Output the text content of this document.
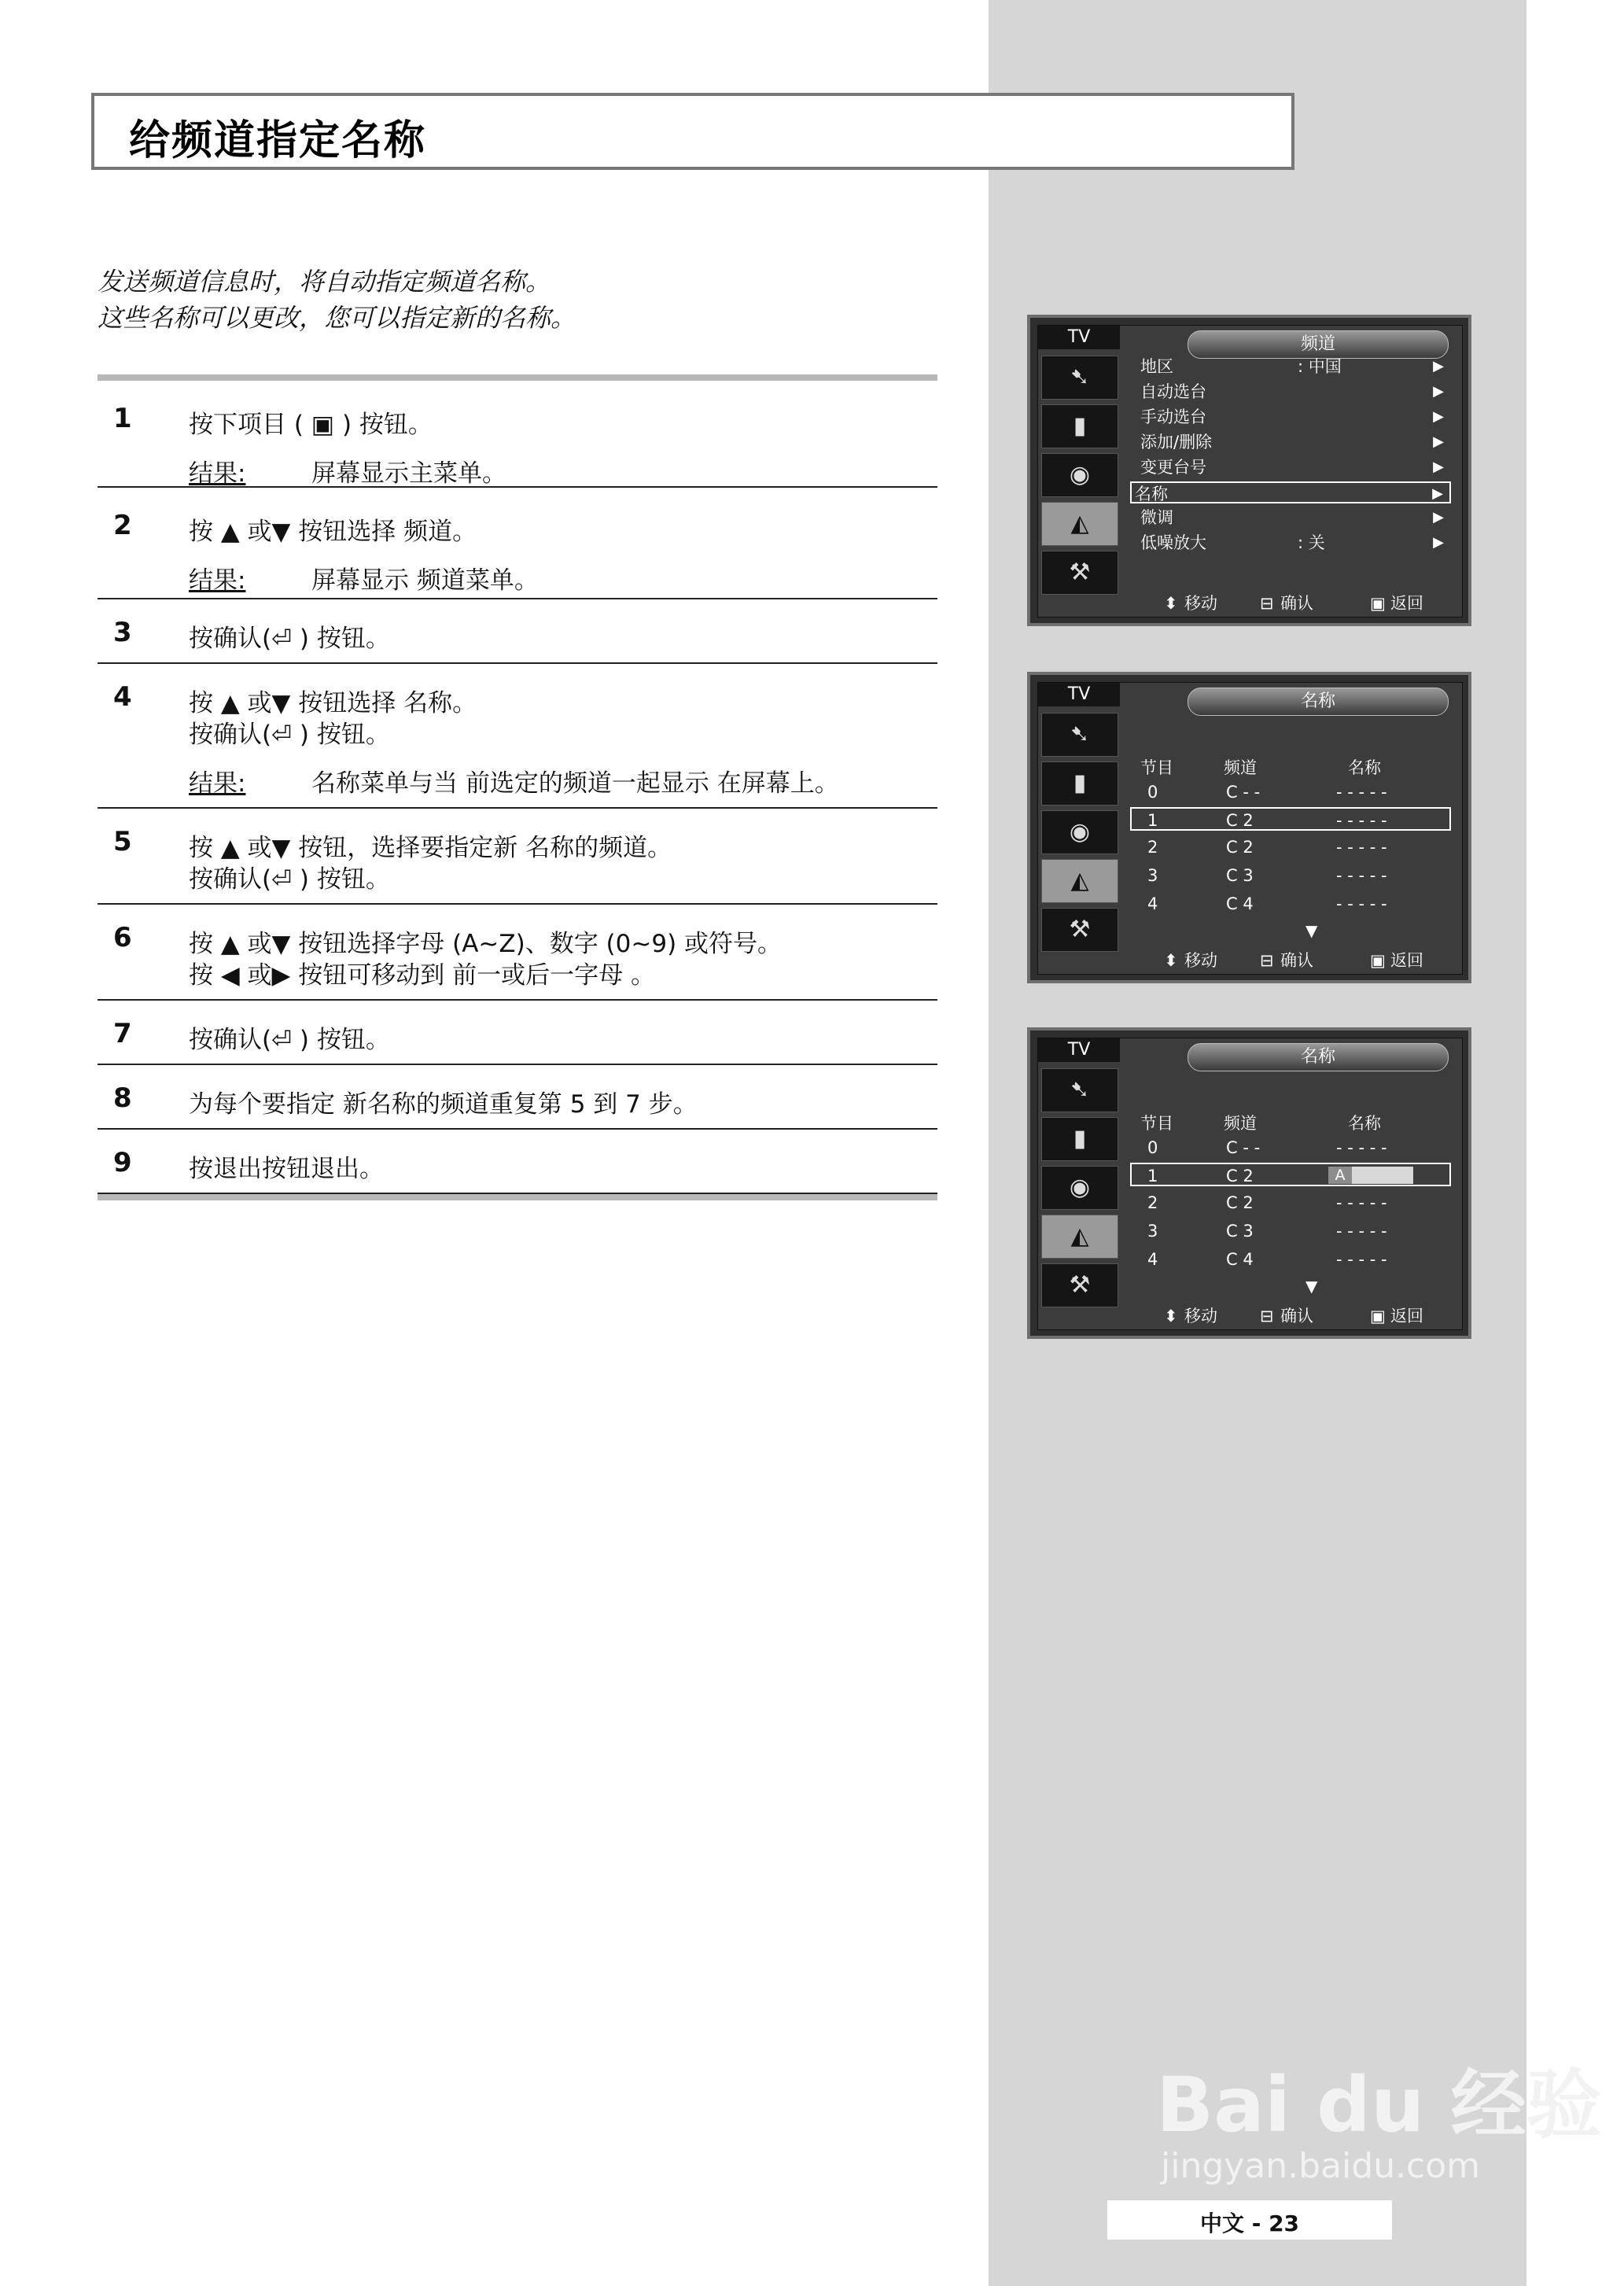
给频道指定名称
发送频道信息时，将自动指定频道名称。
这些名称可以更改，您可以指定新的名称。
1 按下项目 ( ▣ ) 按钮。
结果:	屏幕显示主菜单。
2 按 ▲ 或▼ 按钮选择 频道。
结果:	屏幕显示 频道菜单。
3 按确认(⏎ ) 按钮。
4 按 ▲ 或▼ 按钮选择 名称。
按确认(⏎ ) 按钮。
结果:	名称菜单与当 前选定的频道一起显示 在屏幕上。
5 按 ▲ 或▼ 按钮，选择要指定新 名称的频道。
按确认(⏎ ) 按钮。
6 按 ▲ 或▼ 按钮选择字母 (A~Z)、数字 (0~9) 或符号。
按 ◀ 或▶ 按钮可移动到 前一或后一字母 。
7 按确认(⏎ ) 按钮。
8 为每个要指定 新名称的频道重复第 5 到 7 步。
9 按退出按钮退出。
TV	频道
➷
▮
◉
◭
⚒
地区	: 中国	▶
自动选台	▶
手动选台	▶
添加/删除	▶
变更台号	▶
名称	▶
微调	▶
低噪放大	: 关	▶
⬍ 移动	⊟ 确认	▣ 返回
TV	名称
➷
▮
◉
◭
⚒
节目	频道	名称
0	C - -	- - - - -
1	C 2	- - - - -
2	C 2	- - - - -
3	C 3	- - - - -
4	C 4	- - - - -
▼
⬍ 移动	⊟ 确认	▣ 返回
TV	名称
➷
▮
◉
◭
⚒
节目	频道	名称
0	C - -	- - - - -
1	C 2	A
2	C 2	- - - - -
3	C 3	- - - - -
4	C 4	- - - - -
▼
⬍ 移动	⊟ 确认	▣ 返回
Bai du 经验
jingyan.baidu.com
中文 - 23
